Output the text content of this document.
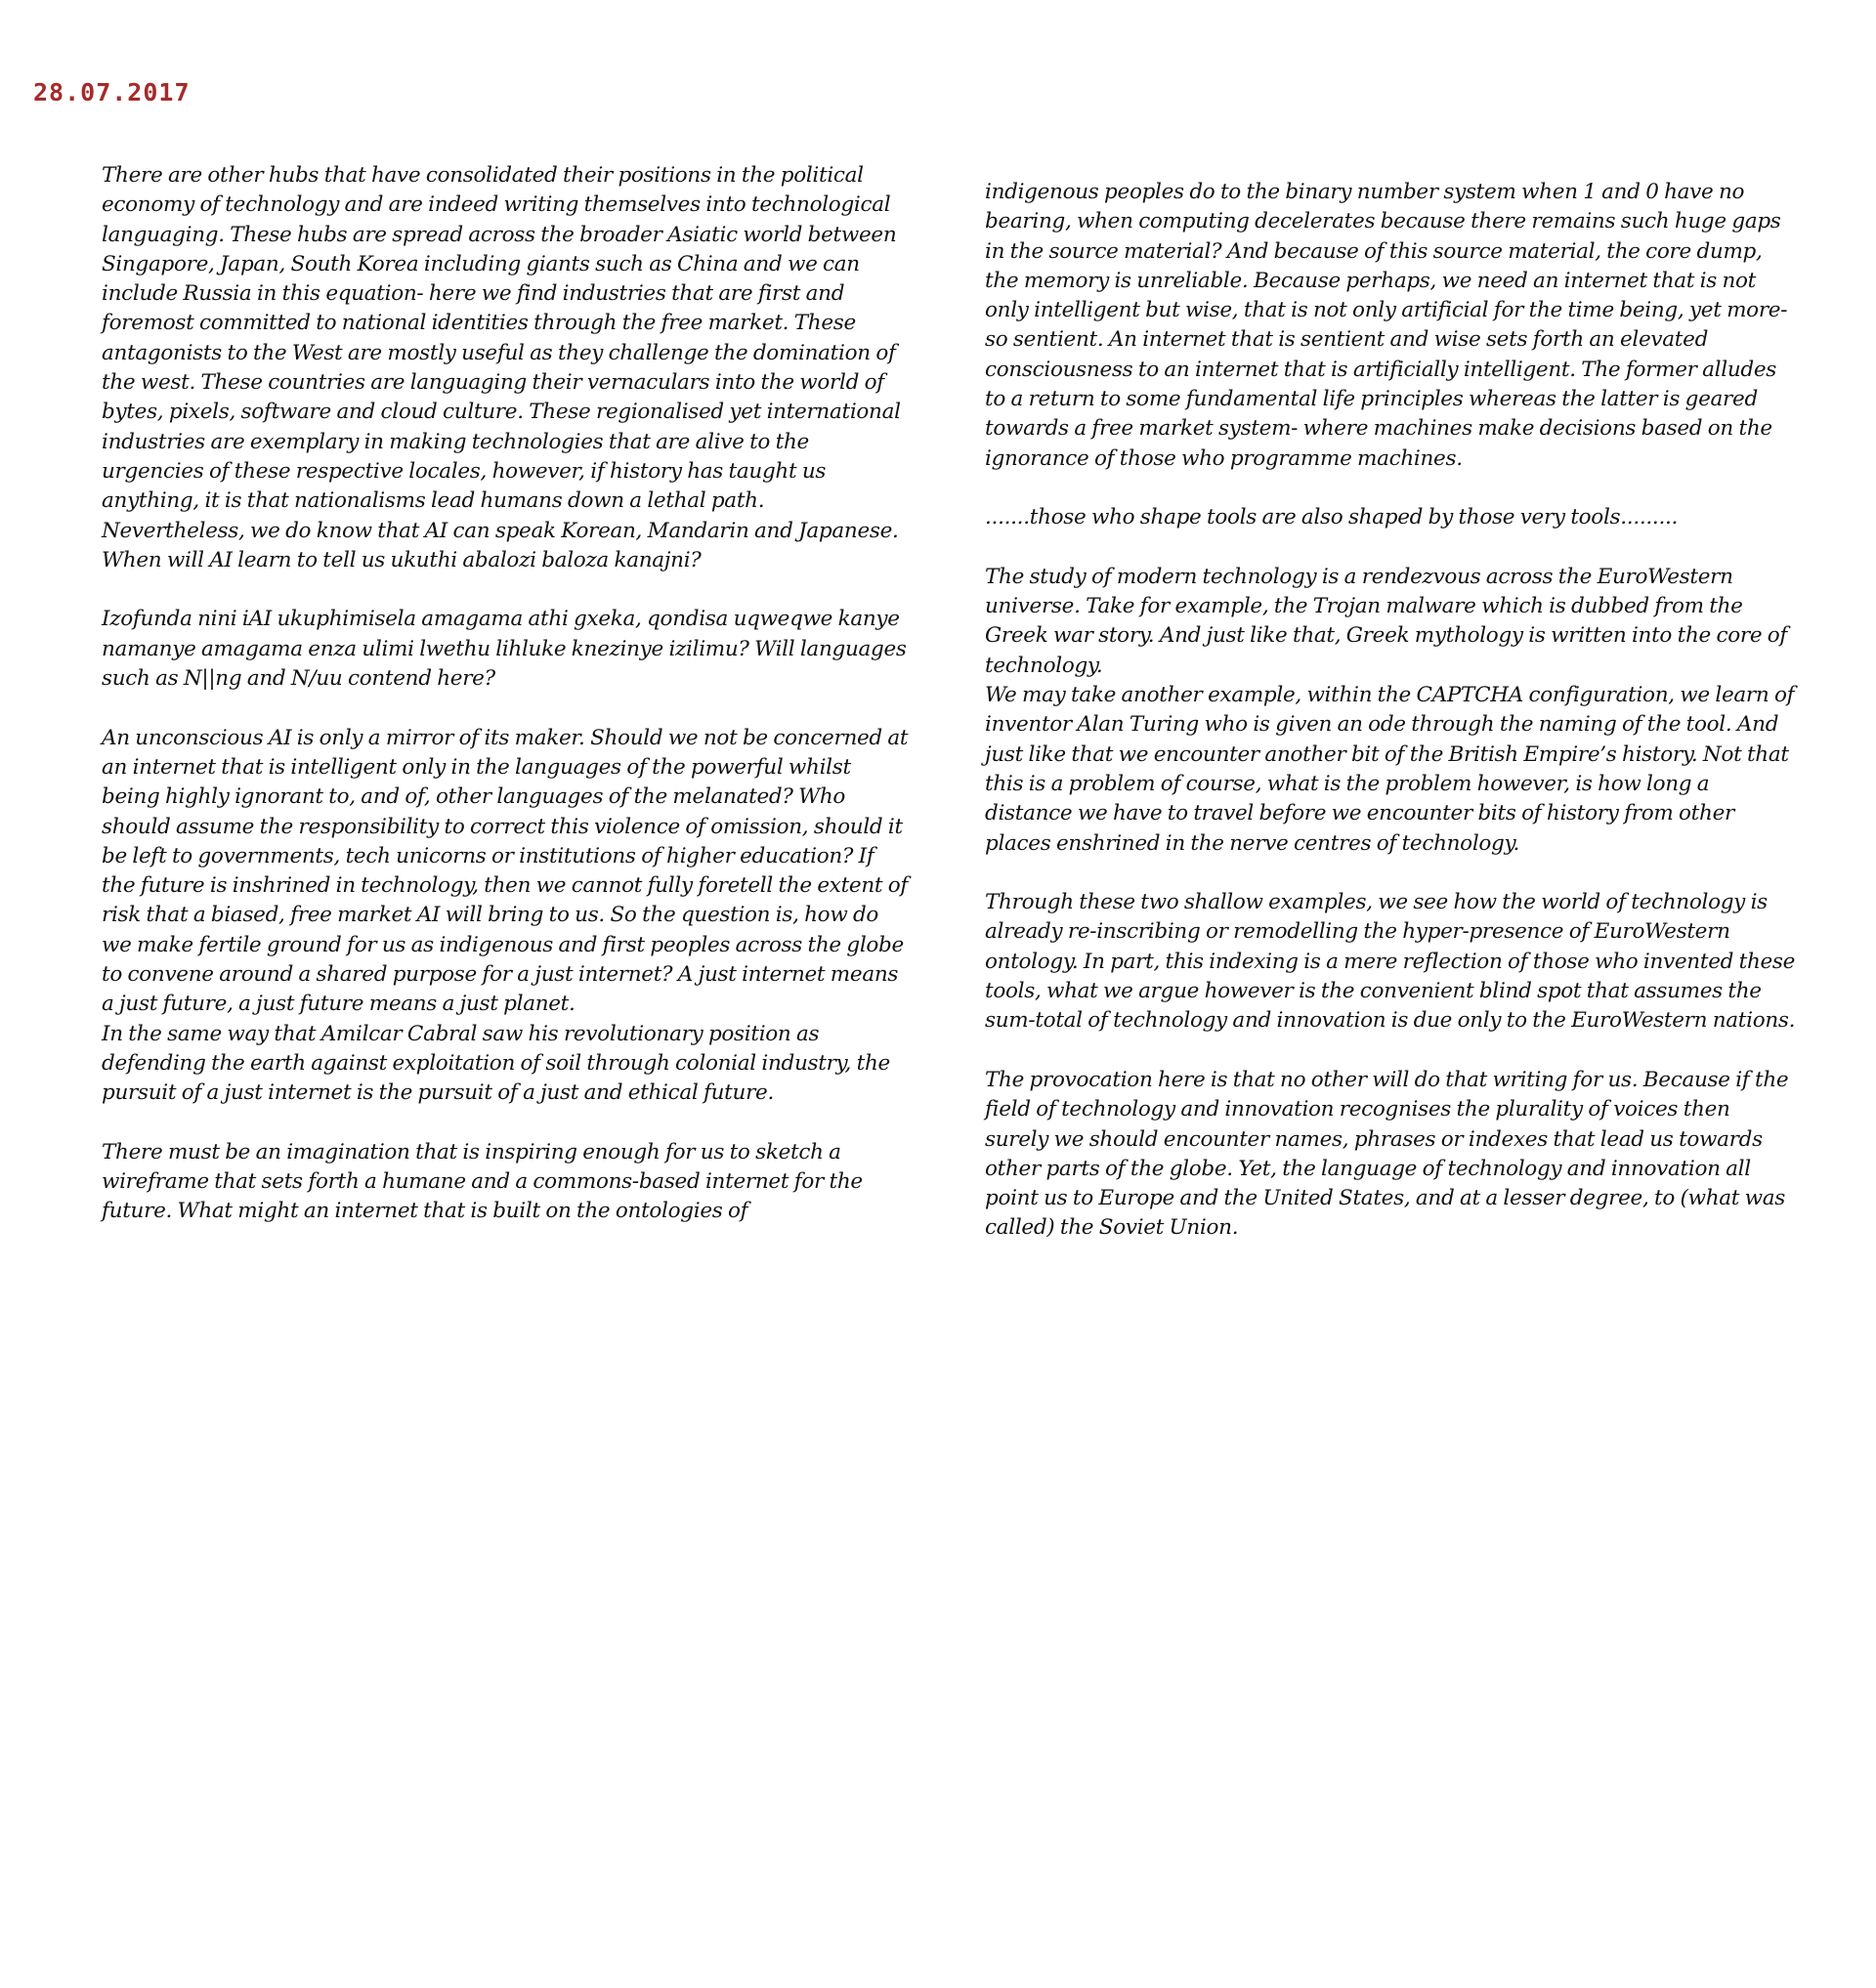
28.07.2017

There are other hubs that have consolidated their positions in the political economy of technology and are indeed writing themselves into technological languaging. These hubs are spread across the broader Asiatic world between Singapore, Japan, South Korea including giants such as China and we can include Russia in this equation- here we find industries that are first and foremost committed to national identities through the free market. These antagonists to the West are mostly useful as they challenge the domination of the west. These countries are languaging their vernaculars into the world of bytes, pixels, software and cloud culture. These regionalised yet international industries are exemplary in making technologies that are alive to the urgencies of these respective locales, however, if history has taught us anything, it is that nationalisms lead humans down a lethal path. Nevertheless, we do know that AI can speak Korean, Mandarin and Japanese. When will AI learn to tell us ukuthi abalozi baloza kanajni?

Izofunda nini iAI ukuphimisela amagama athi gxeka, qondisa uqweqwe kanye namanye amagama enza ulimi lwethu lihluke knezinye izilimu? Will languages such as N||ng and N/uu contend here?

An unconscious AI is only a mirror of its maker. Should we not be concerned at an internet that is intelligent only in the languages of the powerful whilst being highly ignorant to, and of, other languages of the melanated? Who should assume the responsibility to correct this violence of omission, should it be left to governments, tech unicorns or institutions of higher education? If the future is inshrined in technology, then we cannot fully foretell the extent of risk that a biased, free market AI will bring to us. So the question is, how do we make fertile ground for us as indigenous and first peoples across the globe to convene around a shared purpose for a just internet? A just internet means a just future, a just future means a just planet.

In the same way that Amilcar Cabral saw his revolutionary position as defending the earth against exploitation of soil through colonial industry, the pursuit of a just internet is the pursuit of a just and ethical future.

There must be an imagination that is inspiring enough for us to sketch a wireframe that sets forth a humane and a commons-based internet for the future. What might an internet that is built on the ontologies of

indigenous peoples do to the binary number system when 1 and 0 have no bearing, when computing decelerates because there remains such huge gaps in the source material? And because of this source material, the core dump, the memory is unreliable. Because perhaps, we need an internet that is not only intelligent but wise, that is not only artificial for the time being, yet more-so sentient. An internet that is sentient and wise sets forth an elevated consciousness to an internet that is artificially intelligent. The former alludes to a return to some fundamental life principles whereas the latter is geared towards a free market system- where machines make decisions based on the ignorance of those who programme machines.

.......those who shape tools are also shaped by those very tools.........

The study of modern technology is a rendezvous across the EuroWestern universe. Take for example, the Trojan malware which is dubbed from the Greek war story. And just like that, Greek mythology is written into the core of technology.

We may take another example, within the CAPTCHA configuration, we learn of inventor Alan Turing who is given an ode through the naming of the tool. And just like that we encounter another bit of the British Empire’s history. Not that this is a problem of course, what is the problem however, is how long a distance we have to travel before we encounter bits of history from other places enshrined in the nerve centres of technology.

Through these two shallow examples, we see how the world of technology is already re-inscribing or remodelling the hyper-presence of EuroWestern ontology. In part, this indexing is a mere reflection of those who invented these tools, what we argue however is the convenient blind spot that assumes the sum-total of technology and innovation is due only to the EuroWestern nations.

The provocation here is that no other will do that writing for us. Because if the field of technology and innovation recognises the plurality of voices then surely we should encounter names, phrases or indexes that lead us towards other parts of the globe. Yet, the language of technology and innovation all point us to Europe and the United States, and at a lesser degree, to (what was called) the Soviet Union.
